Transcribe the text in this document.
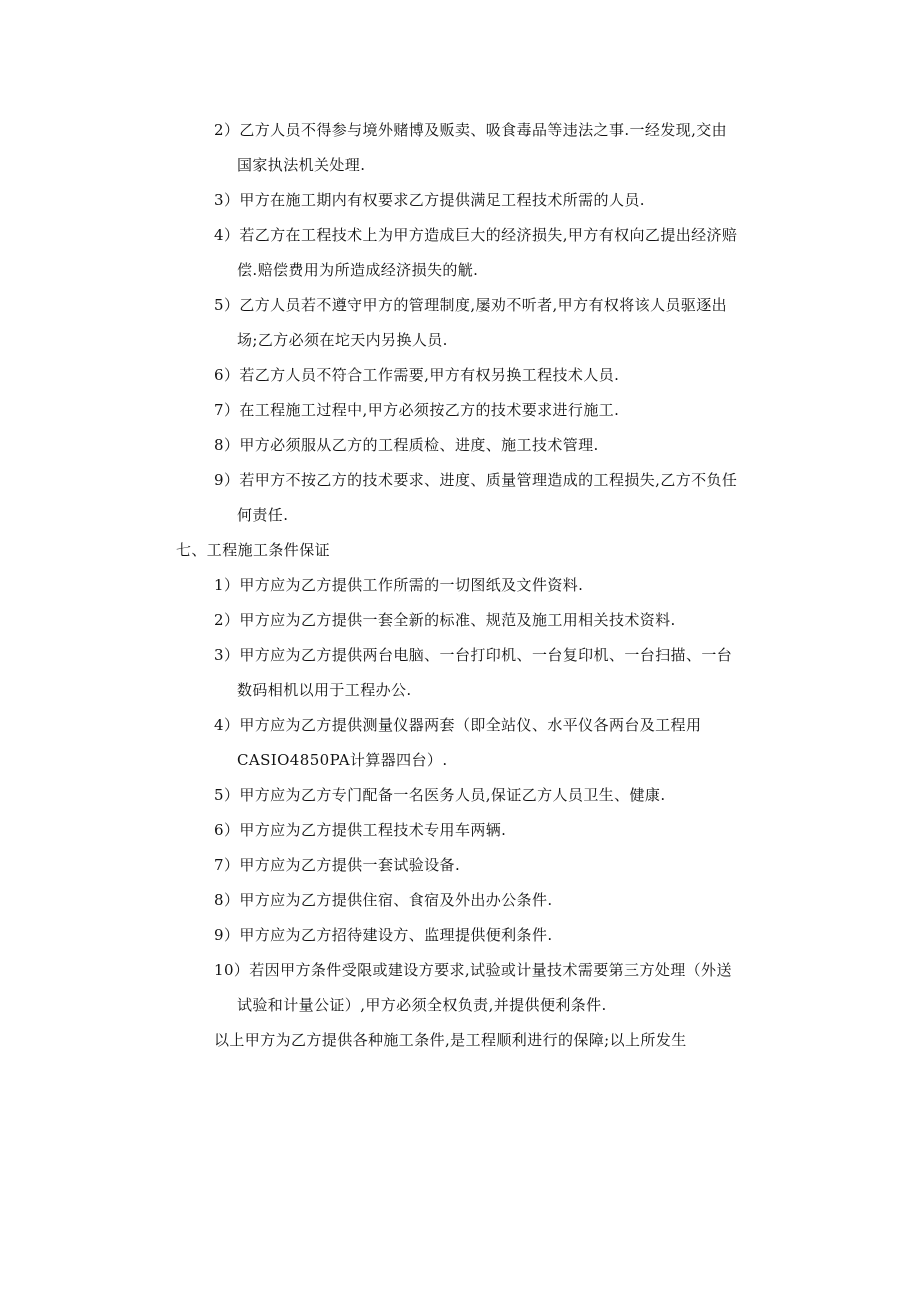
2）乙方人员不得参与境外赌博及贩卖、吸食毒品等违法之事.一经发现,交由
国家执法机关处理.
3）甲方在施工期内有权要求乙方提供满足工程技术所需的人员.
4）若乙方在工程技术上为甲方造成巨大的经济损失,甲方有权向乙提出经济赔
偿.赔偿费用为所造成经济损失的觥.
5）乙方人员若不遵守甲方的管理制度,屡劝不听者,甲方有权将该人员驱逐出
场;乙方必须在坨天内另换人员.
6）若乙方人员不符合工作需要,甲方有权另换工程技术人员.
7）在工程施工过程中,甲方必须按乙方的技术要求进行施工.
8）甲方必须服从乙方的工程质检、进度、施工技术管理.
9）若甲方不按乙方的技术要求、进度、质量管理造成的工程损失,乙方不负任
何责任.
七、工程施工条件保证
1）甲方应为乙方提供工作所需的一切图纸及文件资料.
2）甲方应为乙方提供一套全新的标准、规范及施工用相关技术资料.
3）甲方应为乙方提供两台电脑、一台打印机、一台复印机、一台扫描、一台
数码相机以用于工程办公.
4）甲方应为乙方提供测量仪器两套（即全站仪、水平仪各两台及工程用
CASIO4850PA计算器四台）.
5）甲方应为乙方专门配备一名医务人员,保证乙方人员卫生、健康.
6）甲方应为乙方提供工程技术专用车两辆.
7）甲方应为乙方提供一套试验设备.
8）甲方应为乙方提供住宿、食宿及外出办公条件.
9）甲方应为乙方招待建设方、监理提供便利条件.
10）若因甲方条件受限或建设方要求,试验或计量技术需要第三方处理（外送
试验和计量公证）,甲方必须全权负责,并提供便利条件.
以上甲方为乙方提供各种施工条件,是工程顺利进行的保障;以上所发生
